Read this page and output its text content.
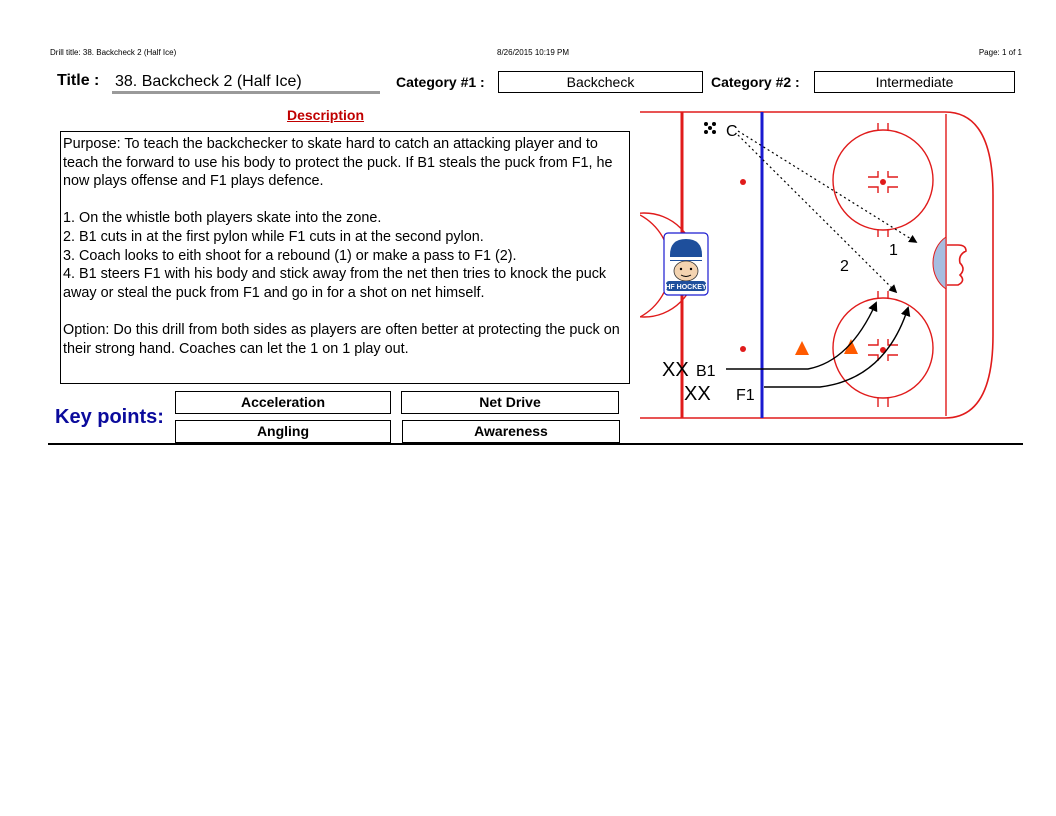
Drill title: 38. Backcheck 2 (Half Ice)	8/26/2015 10:19 PM	Page: 1 of 1
Title : 38. Backcheck 2 (Half Ice)	Category #1 :	Backcheck	Category #2 :	Intermediate
Description

Purpose: To teach the backchecker to skate hard to catch an attacking player and to teach the forward to use his body to protect the puck. If B1 steals the puck from F1, he now plays offense and F1 plays defence.

1. On the whistle both players skate into the zone.
2. B1 cuts in at the first pylon while F1 cuts in at the second pylon.
3. Coach looks to eith shoot for a rebound (1) or make a pass to F1 (2).
4. B1 steers F1 with his body and stick away from the net then tries to knock the puck away or steal the puck from F1 and go in for a shot on net himself.

Option: Do this drill from both sides as players are often better at protecting the puck on their strong hand. Coaches can let the 1 on 1 play out.

Key points:
Acceleration	Net Drive
Angling	Awareness
HF HOCKEY
C
1
2
XX B1
XX F1
